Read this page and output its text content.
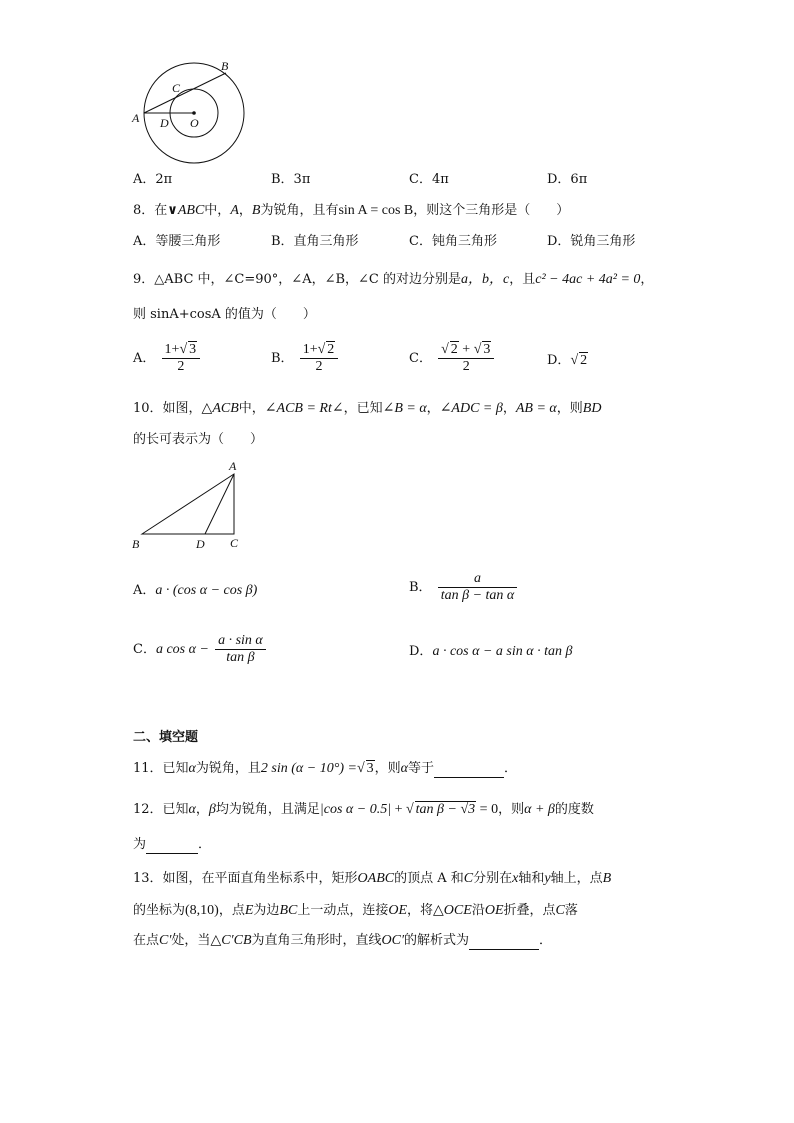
B
C
A D O
A．2π	B．3π	C．4π	D．6π
8．在∨ABC中，A，B为锐角，且有sin A = cos B，则这个三角形是（　　）
A．等腰三角形	B．直角三角形	C．钝角三角形	D．锐角三角形
9．△ABC 中，∠C=90°，∠A，∠B，∠C 的对边分别是a，b，c，且c² − 4ac + 4a² = 0，
则 sinA+cosA 的值为（　　）
A． $\frac{1+√ 3}{2}$	B． $\frac{1+√ 2}{2}$	C． $\frac{√ 2 + √ 3}{2}$	D．√ 2
10．如图，△ACB中，∠ACB = Rt∠，已知∠B = α，∠ADC = β，AB = α，则BD
的长可表示为（　　）
A
B	D C
A．a · (cos α − cos β)	B． $\frac{a}{\text{tan β − tan α}}$
C．a $\cos \alpha - \frac{\text{a · sin α}}{\text{tan β}}$	D．a · cos α − a sin α · tan β
二、填空题
11．已知α为锐角，且2 sin (α − 10°) =√ 3，则α等于	．
12．已知α，β均为锐角，且满足|cos α − 0.5| + √ tan β − √3 = 0，则α + β的度数
为	．
13．如图，在平面直角坐标系中，矩形OABC的顶点 A 和C分别在x轴和y轴上，点B
的坐标为(8,10)，点E为边BC上一动点，连接OE，将△OCE沿OE折叠，点C落
在点C′处，当△C′CB为直角三角形时，直线OC′的解析式为	．
